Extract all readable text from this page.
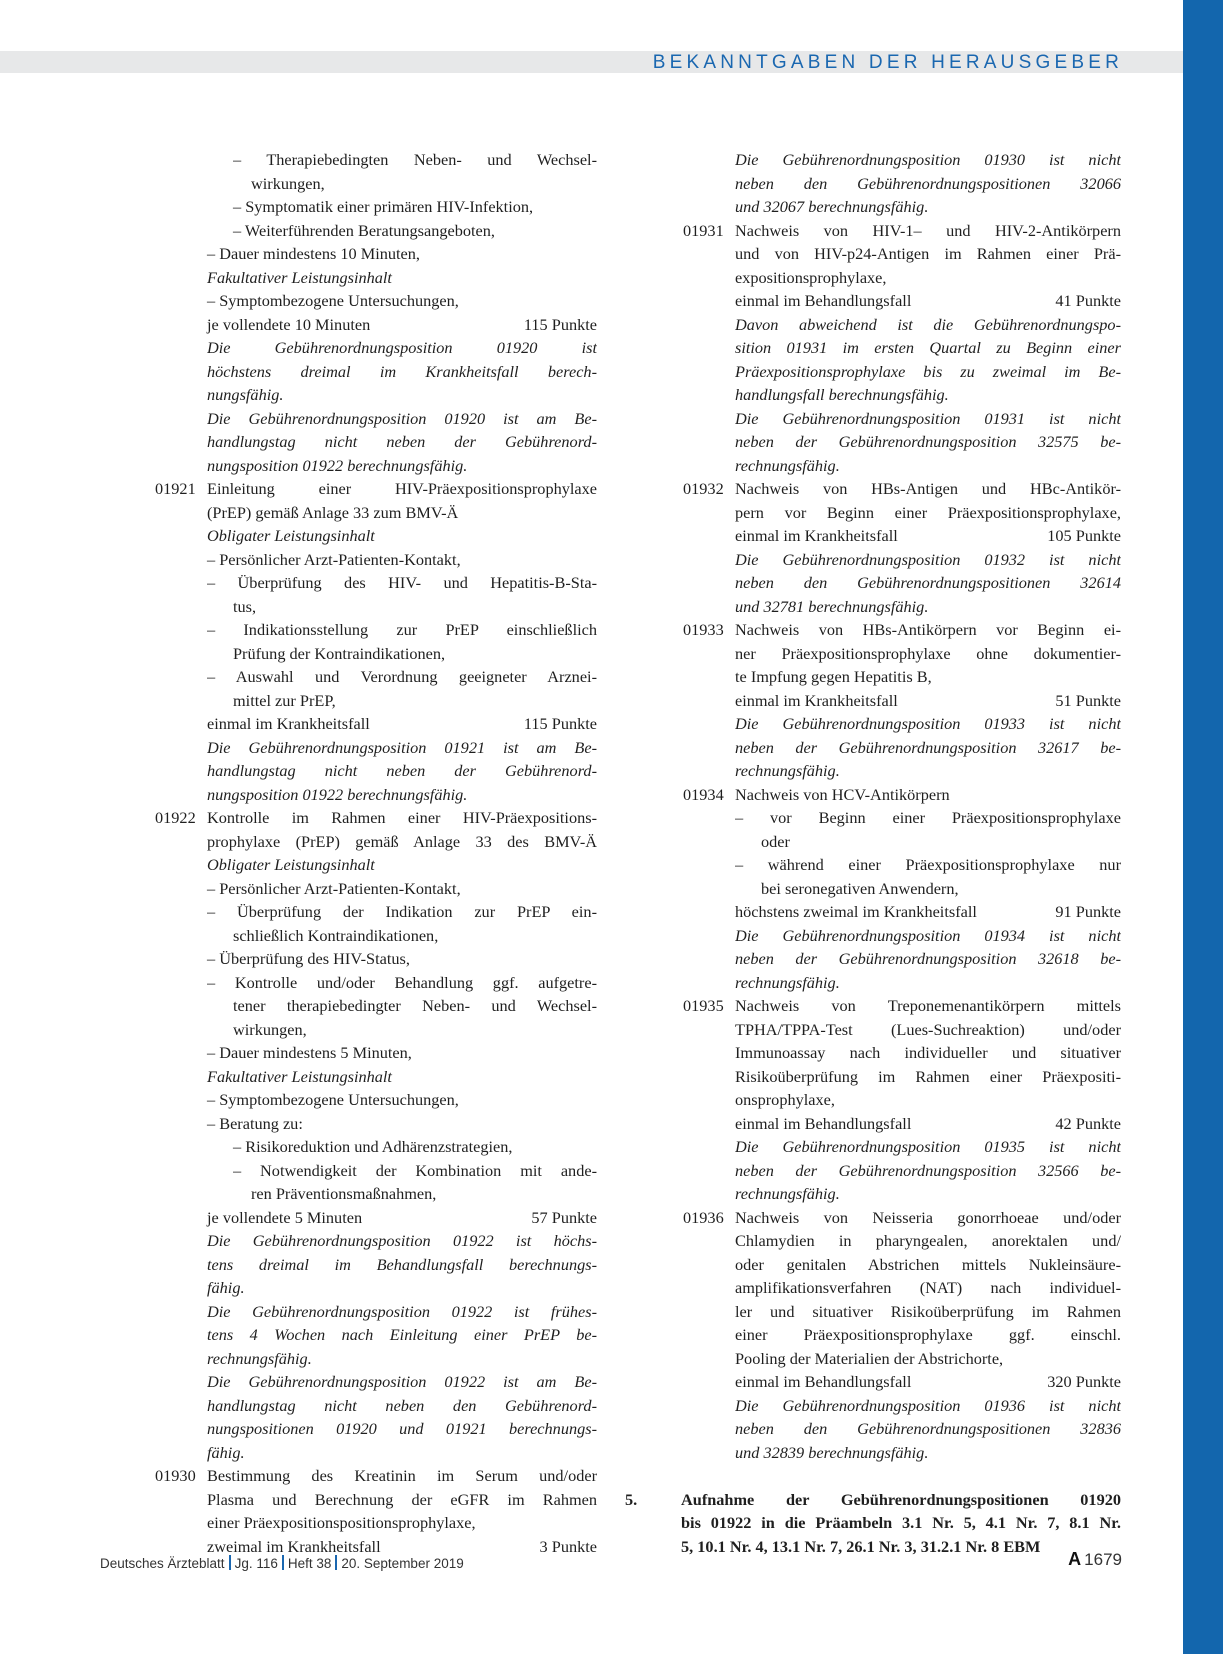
BEKANNTGABEN DER HERAUSGEBER
– Therapiebedingten Neben- und Wechsel-
wirkungen,
– Symptomatik einer primären HIV-Infektion,
– Weiterführenden Beratungsangeboten,
– Dauer mindestens 10 Minuten,
Fakultativer Leistungsinhalt
– Symptombezogene Untersuchungen,
je vollendete 10 Minuten	115 Punkte
Die Gebührenordnungsposition 01920 ist
höchstens dreimal im Krankheitsfall berech-
nungsfähig.
Die Gebührenordnungsposition 01920 ist am Be-
handlungstag nicht neben der Gebührenord-
nungsposition 01922 berechnungsfähig.
01921 Einleitung einer HIV-Präexpositionsprophylaxe
(PrEP) gemäß Anlage 33 zum BMV-Ä
Obligater Leistungsinhalt
– Persönlicher Arzt-Patienten-Kontakt,
– Überprüfung des HIV- und Hepatitis-B-Sta-
tus,
– Indikationsstellung zur PrEP einschließlich
Prüfung der Kontraindikationen,
– Auswahl und Verordnung geeigneter Arznei-
mittel zur PrEP,
einmal im Krankheitsfall	115 Punkte
Die Gebührenordnungsposition 01921 ist am Be-
handlungstag nicht neben der Gebührenord-
nungsposition 01922 berechnungsfähig.
01922 Kontrolle im Rahmen einer HIV-Präexpositions-
prophylaxe (PrEP) gemäß Anlage 33 des BMV-Ä
Obligater Leistungsinhalt
– Persönlicher Arzt-Patienten-Kontakt,
– Überprüfung der Indikation zur PrEP ein-
schließlich Kontraindikationen,
– Überprüfung des HIV-Status,
– Kontrolle und/oder Behandlung ggf. aufgetre-
tener therapiebedingter Neben- und Wechsel-
wirkungen,
– Dauer mindestens 5 Minuten,
Fakultativer Leistungsinhalt
– Symptombezogene Untersuchungen,
– Beratung zu:
– Risikoreduktion und Adhärenzstrategien,
– Notwendigkeit der Kombination mit ande-
ren Präventionsmaßnahmen,
je vollendete 5 Minuten	57 Punkte
Die Gebührenordnungsposition 01922 ist höchs-
tens dreimal im Behandlungsfall berechnungs-
fähig.
Die Gebührenordnungsposition 01922 ist frühes-
tens 4 Wochen nach Einleitung einer PrEP be-
rechnungsfähig.
Die Gebührenordnungsposition 01922 ist am Be-
handlungstag nicht neben den Gebührenord-
nungspositionen 01920 und 01921 berechnungs-
fähig.
01930 Bestimmung des Kreatinin im Serum und/oder
Plasma und Berechnung der eGFR im Rahmen
einer Präexpositionspositionsprophylaxe,
zweimal im Krankheitsfall	3 Punkte
Die Gebührenordnungsposition 01930 ist nicht
neben den Gebührenordnungspositionen 32066
und 32067 berechnungsfähig.
01931 Nachweis von HIV-1– und HIV-2-Antikörpern
und von HIV-p24-Antigen im Rahmen einer Prä-
expositionsprophylaxe,
einmal im Behandlungsfall	41 Punkte
Davon abweichend ist die Gebührenordnungspo-
sition 01931 im ersten Quartal zu Beginn einer
Präexpositionsprophylaxe bis zu zweimal im Be-
handlungsfall berechnungsfähig.
Die Gebührenordnungsposition 01931 ist nicht
neben der Gebührenordnungsposition 32575 be-
rechnungsfähig.
01932 Nachweis von HBs-Antigen und HBc-Antikör-
pern vor Beginn einer Präexpositionsprophylaxe,
einmal im Krankheitsfall	105 Punkte
Die Gebührenordnungsposition 01932 ist nicht
neben den Gebührenordnungspositionen 32614
und 32781 berechnungsfähig.
01933 Nachweis von HBs-Antikörpern vor Beginn ei-
ner Präexpositionsprophylaxe ohne dokumentier-
te Impfung gegen Hepatitis B,
einmal im Krankheitsfall	51 Punkte
Die Gebührenordnungsposition 01933 ist nicht
neben der Gebührenordnungsposition 32617 be-
rechnungsfähig.
01934 Nachweis von HCV-Antikörpern
– vor Beginn einer Präexpositionsprophylaxe
oder
– während einer Präexpositionsprophylaxe nur
bei seronegativen Anwendern,
höchstens zweimal im Krankheitsfall	91 Punkte
Die Gebührenordnungsposition 01934 ist nicht
neben der Gebührenordnungsposition 32618 be-
rechnungsfähig.
01935 Nachweis von Treponemenantikörpern mittels
TPHA/TPPA-Test (Lues-Suchreaktion) und/oder
Immunoassay nach individueller und situativer
Risikoüberprüfung im Rahmen einer Präexpositi-
onsprophylaxe,
einmal im Behandlungsfall	42 Punkte
Die Gebührenordnungsposition 01935 ist nicht
neben der Gebührenordnungsposition 32566 be-
rechnungsfähig.
01936 Nachweis von Neisseria gonorrhoeae und/oder
Chlamydien in pharyngealen, anorektalen und/
oder genitalen Abstrichen mittels Nukleinsäure-
amplifikationsverfahren (NAT) nach individuel-
ler und situativer Risikoüberprüfung im Rahmen
einer Präexpositionsprophylaxe ggf. einschl.
Pooling der Materialien der Abstrichorte,
einmal im Behandlungsfall	320 Punkte
Die Gebührenordnungsposition 01936 ist nicht
neben den Gebührenordnungspositionen 32836
und 32839 berechnungsfähig.
5.	Aufnahme der Gebührenordnungspositionen 01920
bis 01922 in die Präambeln 3.1 Nr. 5, 4.1 Nr. 7, 8.1 Nr.
5, 10.1 Nr. 4, 13.1 Nr. 7, 26.1 Nr. 3, 31.2.1 Nr. 8 EBM
Deutsches Ärzteblatt Jg. 116 Heft 38 20. September 2019	A 1679
